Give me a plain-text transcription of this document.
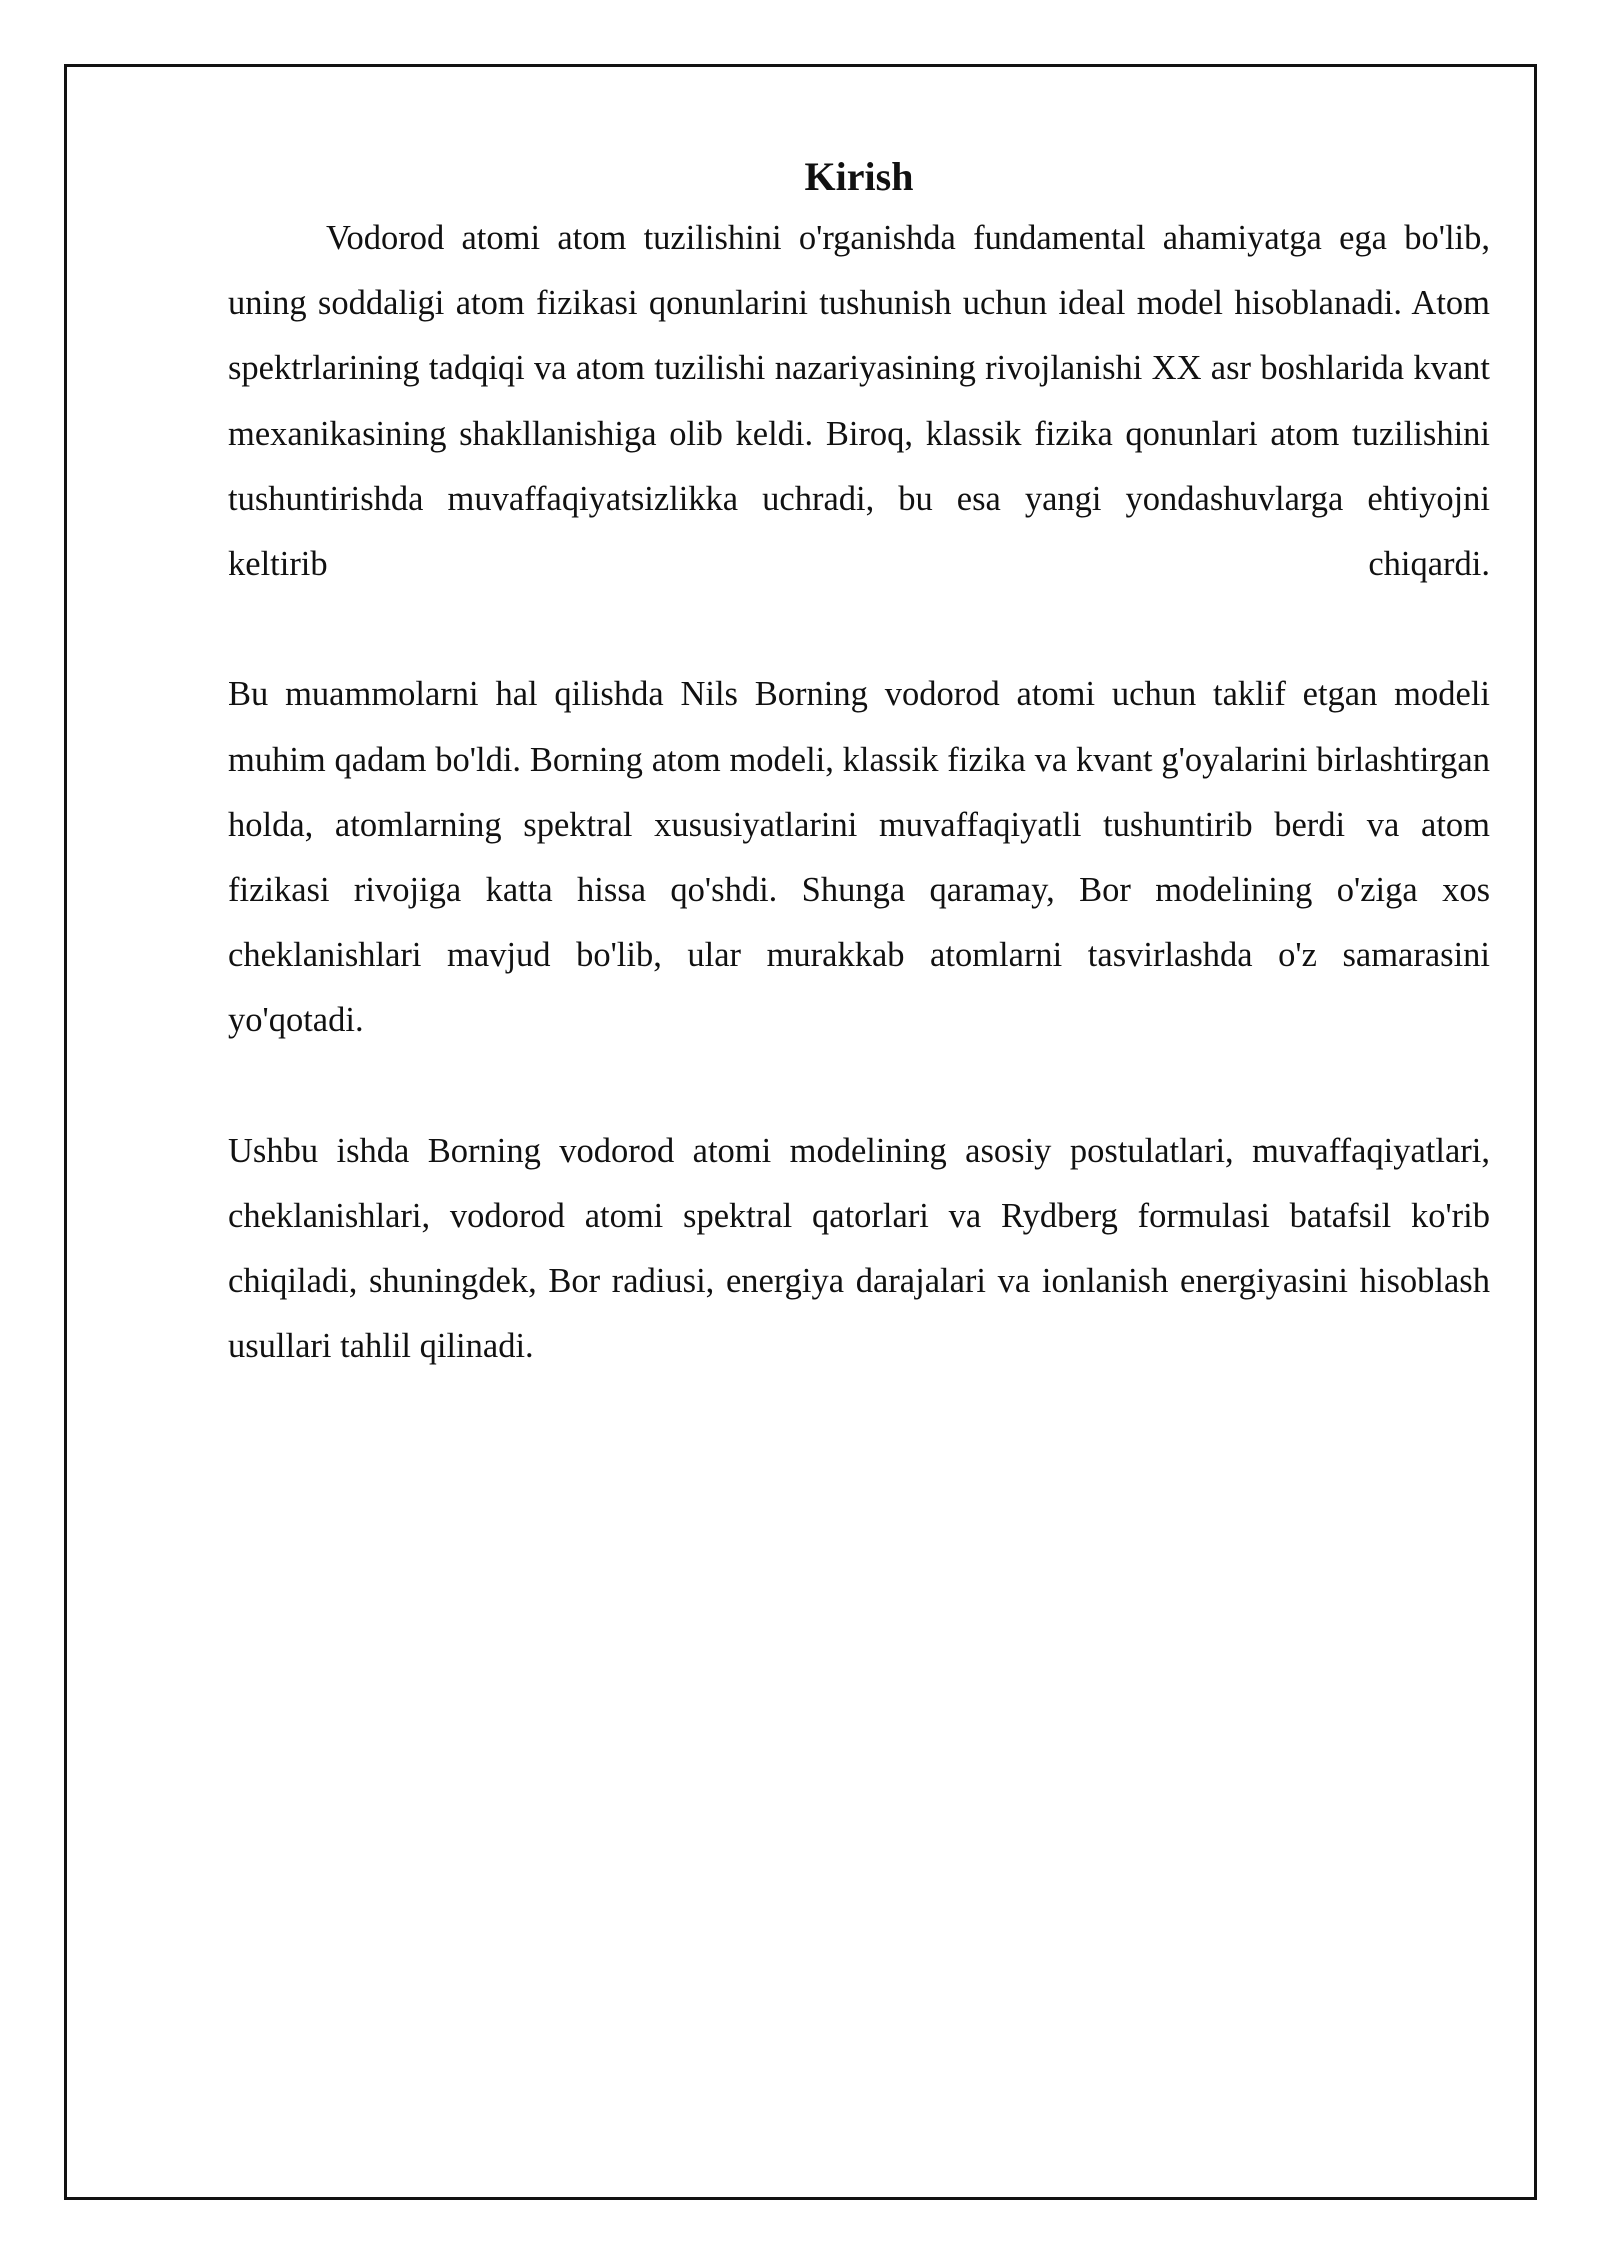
Kirish

Vodorod atomi atom tuzilishini o'rganishda fundamental ahamiyatga ega bo'lib, uning soddaligi atom fizikasi qonunlarini tushunish uchun ideal model hisoblanadi. Atom spektrlarining tadqiqi va atom tuzilishi nazariyasining rivojlanishi XX asr boshlarida kvant mexanikasining shakllanishiga olib keldi. Biroq, klassik fizika qonunlari atom tuzilishini tushuntirishda muvaffaqiyatsizlikka uchradi, bu esa yangi yondashuvlarga ehtiyojni keltirib chiqardi.

Bu muammolarni hal qilishda Nils Borning vodorod atomi uchun taklif etgan modeli muhim qadam bo'ldi. Borning atom modeli, klassik fizika va kvant g'oyalarini birlashtirgan holda, atomlarning spektral xususiyatlarini muvaffaqiyatli tushuntirib berdi va atom fizikasi rivojiga katta hissa qo'shdi. Shunga qaramay, Bor modelining o'ziga xos cheklanishlari mavjud bo'lib, ular murakkab atomlarni tasvirlashda o'z samarasini yo'qotadi.

Ushbu ishda Borning vodorod atomi modelining asosiy postulatlari, muvaffaqiyatlari, cheklanishlari, vodorod atomi spektral qatorlari va Rydberg formulasi batafsil ko'rib chiqiladi, shuningdek, Bor radiusi, energiya darajalari va ionlanish energiyasini hisoblash usullari tahlil qilinadi.
